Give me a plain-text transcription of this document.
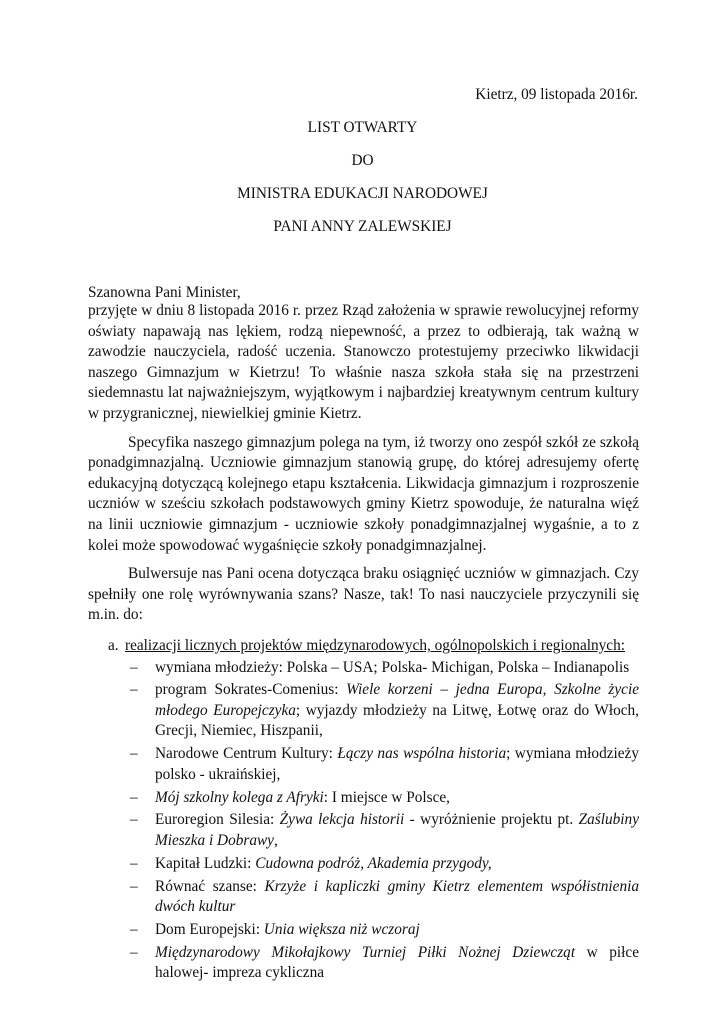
Kietrz, 09 listopada 2016r.
LIST OTWARTY
DO
MINISTRA EDUKACJI NARODOWEJ
PANI ANNY ZALEWSKIEJ
Szanowna Pani Minister,

przyjęte w dniu 8 listopada 2016 r. przez Rząd założenia w sprawie rewolucyjnej reformy oświaty napawają nas lękiem, rodzą niepewność, a przez to odbierają, tak ważną w zawodzie nauczyciela, radość uczenia. Stanowczo protestujemy przeciwko likwidacji naszego Gimnazjum w Kietrzu! To właśnie nasza szkoła stała się na przestrzeni siedemnastu lat najważniejszym, wyjątkowym i najbardziej kreatywnym centrum kultury w przygranicznej, niewielkiej gminie Kietrz.

Specyfika naszego gimnazjum polega na tym, iż tworzy ono zespół szkół ze szkołą ponadgimnazjalną. Uczniowie gimnazjum stanowią grupę, do której adresujemy ofertę edukacyjną dotyczącą kolejnego etapu kształcenia. Likwidacja gimnazjum i rozproszenie uczniów w sześciu szkołach podstawowych gminy Kietrz spowoduje, że naturalna więź na linii uczniowie gimnazjum - uczniowie szkoły ponadgimnazjalnej wygaśnie, a to z kolei może spowodować wygaśnięcie szkoły ponadgimnazjalnej.

Bulwersuje nas Pani ocena dotycząca braku osiągnięć uczniów w gimnazjach. Czy spełniły one rolę wyrównywania szans? Nasze, tak! To nasi nauczyciele przyczynili się m.in. do:

a. realizacji licznych projektów międzynarodowych, ogólnopolskich i regionalnych:
– wymiana młodzieży: Polska – USA; Polska- Michigan, Polska – Indianapolis
– program Sokrates-Comenius: Wiele korzeni – jedna Europa, Szkolne życie młodego Europejczyka; wyjazdy młodzieży na Litwę, Łotwę oraz do Włoch, Grecji, Niemiec, Hiszpanii,
– Narodowe Centrum Kultury: Łączy nas wspólna historia; wymiana młodzieży polsko - ukraińskiej,
– Mój szkolny kolega z Afryki: I miejsce w Polsce,
– Euroregion Silesia: Żywa lekcja historii - wyróżnienie projektu pt. Zaślubiny Mieszka i Dobrawy,
– Kapitał Ludzki: Cudowna podróż, Akademia przygody,
– Równać szanse: Krzyże i kapliczki gminy Kietrz elementem współistnienia dwóch kultur
– Dom Europejski: Unia większa niż wczoraj
– Międzynarodowy Mikołajkowy Turniej Piłki Nożnej Dziewcząt w piłce halowej- impreza cykliczna
